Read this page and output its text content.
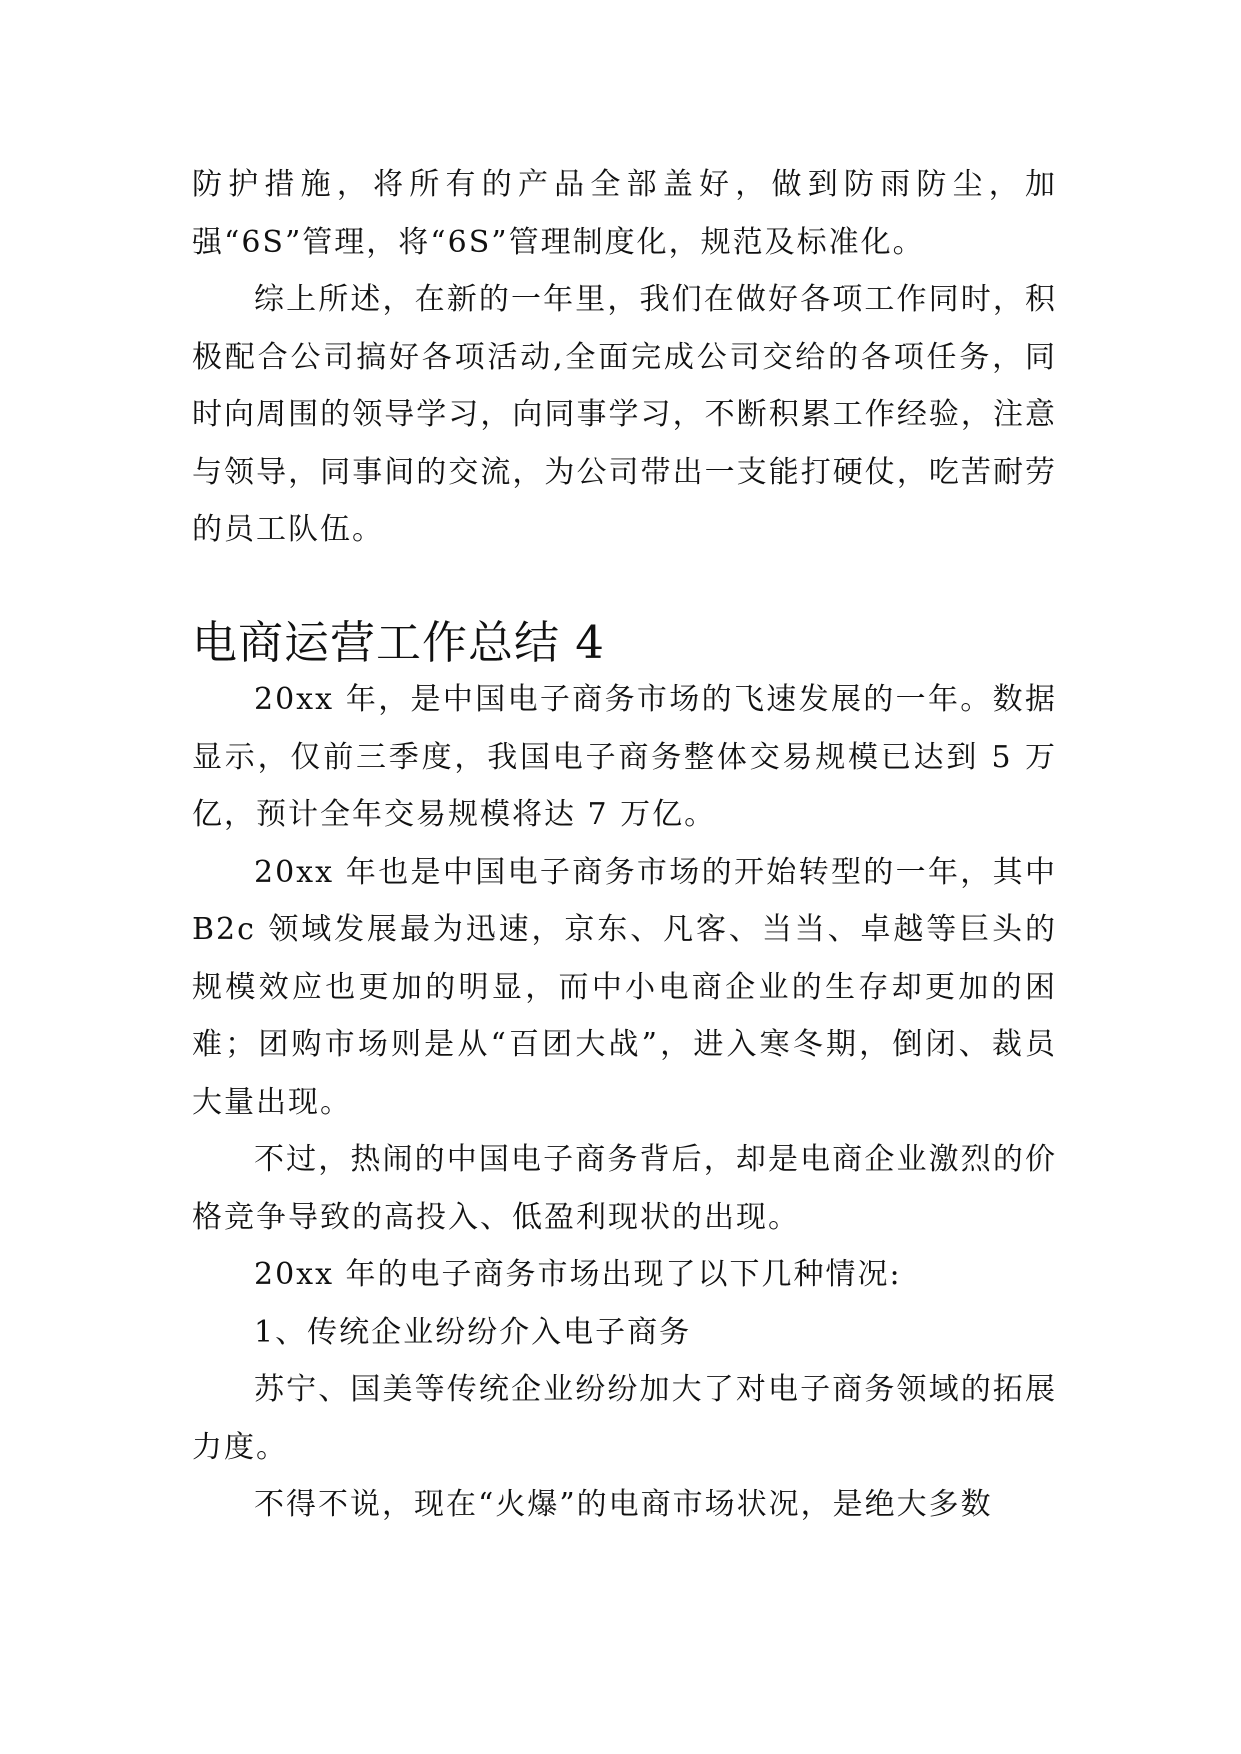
防护措施，将所有的产品全部盖好，做到防雨防尘，加强“6S”管理，将“6S”管理制度化，规范及标准化。

综上所述，在新的一年里，我们在做好各项工作同时，积极配合公司搞好各项活动,全面完成公司交给的各项任务，同时向周围的领导学习，向同事学习，不断积累工作经验，注意与领导，同事间的交流，为公司带出一支能打硬仗，吃苦耐劳的员工队伍。

电商运营工作总结 4

20xx 年，是中国电子商务市场的飞速发展的一年。数据显示，仅前三季度，我国电子商务整体交易规模已达到 5 万亿，预计全年交易规模将达 7 万亿。

20xx 年也是中国电子商务市场的开始转型的一年，其中 B2c 领域发展最为迅速，京东、凡客、当当、卓越等巨头的规模效应也更加的明显，而中小电商企业的生存却更加的困难；团购市场则是从“百团大战”，进入寒冬期，倒闭、裁员大量出现。

不过，热闹的中国电子商务背后，却是电商企业激烈的价格竞争导致的高投入、低盈利现状的出现。

20xx 年的电子商务市场出现了以下几种情况:

1、传统企业纷纷介入电子商务

苏宁、国美等传统企业纷纷加大了对电子商务领域的拓展力度。

不得不说，现在“火爆”的电商市场状况，是绝大多数
